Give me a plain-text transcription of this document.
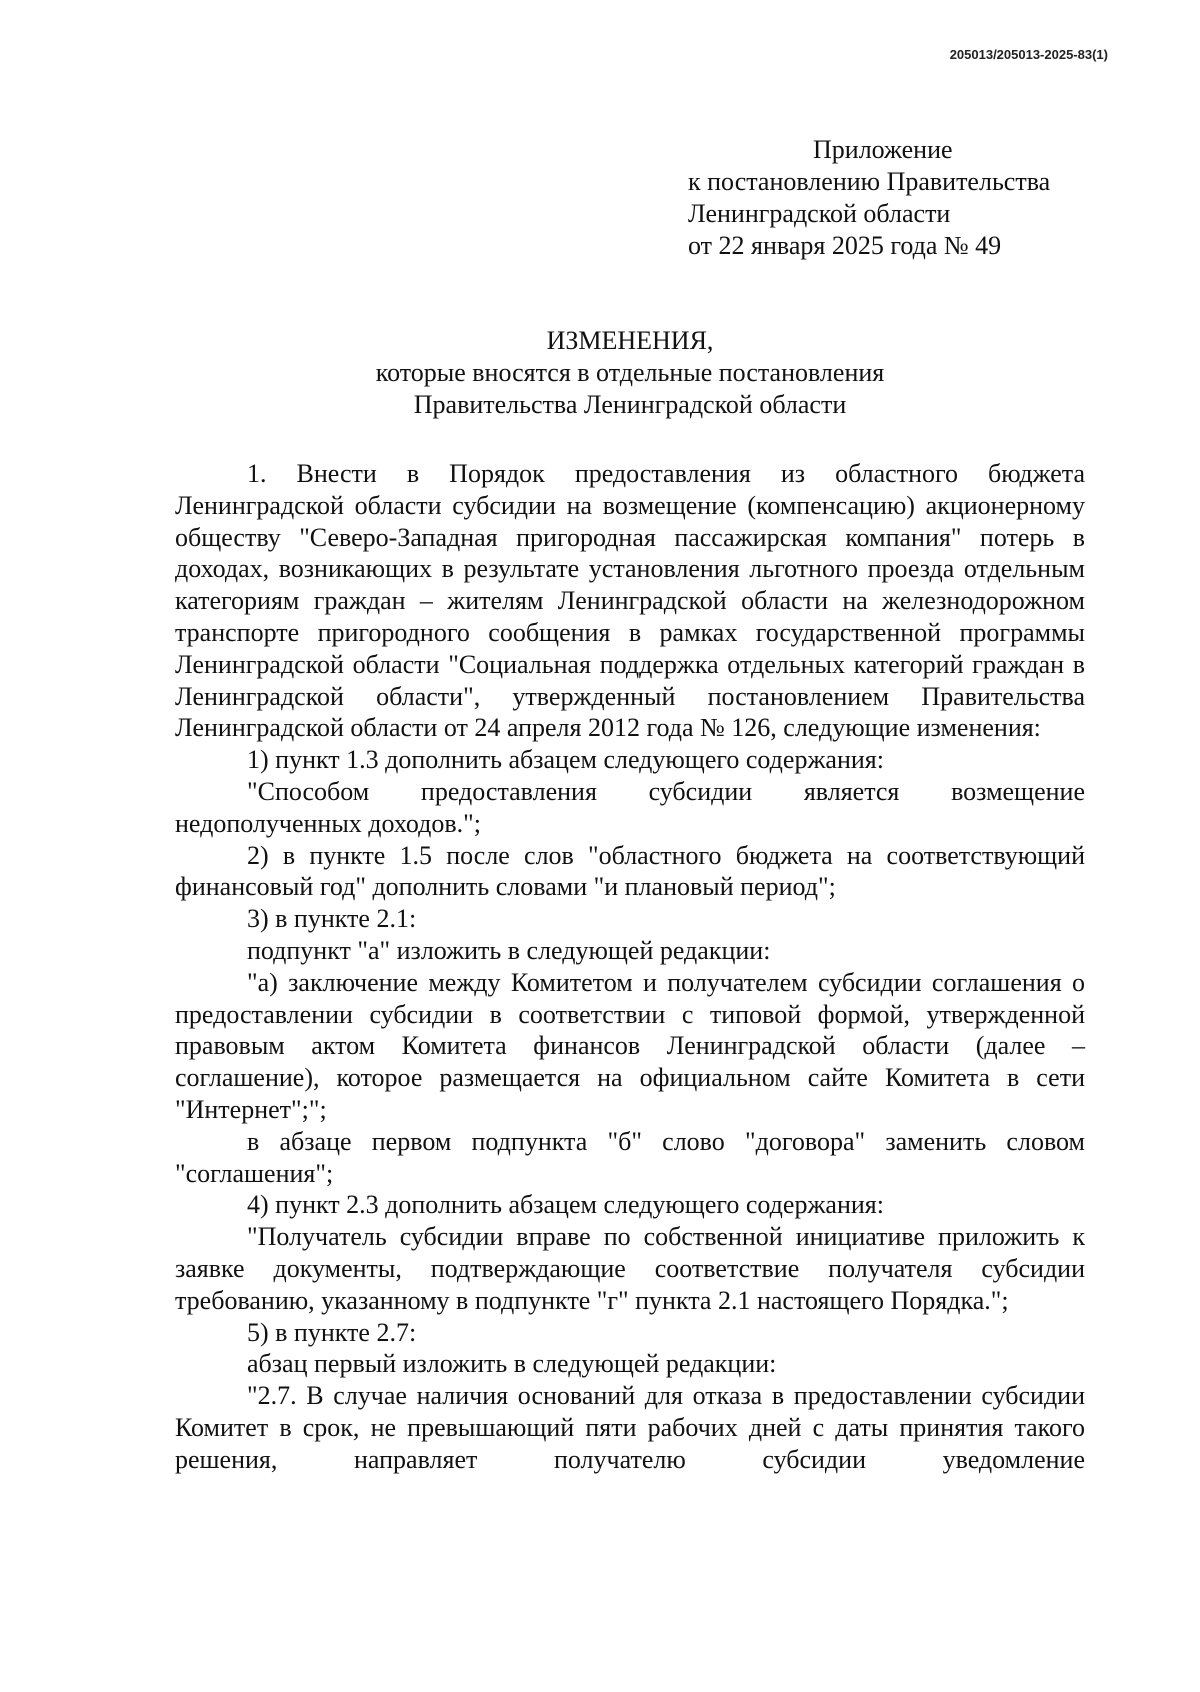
205013/205013-2025-83(1)
Приложение
к постановлению Правительства
Ленинградской области
от 22 января 2025 года № 49
ИЗМЕНЕНИЯ,
которые вносятся в отдельные постановления
Правительства Ленинградской области

1. Внести в Порядок предоставления из областного бюджета Ленинградской области субсидии на возмещение (компенсацию) акционерному обществу "Северо-Западная пригородная пассажирская компания" потерь в доходах, возникающих в результате установления льготного проезда отдельным категориям граждан – жителям Ленинградской области на железнодорожном транспорте пригородного сообщения в рамках государственной программы Ленинградской области "Социальная поддержка отдельных категорий граждан в Ленинградской области", утвержденный постановлением Правительства Ленинградской области от 24 апреля 2012 года № 126, следующие изменения:

1) пункт 1.3 дополнить абзацем следующего содержания:

"Способом предоставления субсидии является возмещение недополученных доходов.";

2) в пункте 1.5 после слов "областного бюджета на соответствующий финансовый год" дополнить словами "и плановый период";

3) в пункте 2.1:

подпункт "а" изложить в следующей редакции:

"а) заключение между Комитетом и получателем субсидии соглашения о предоставлении субсидии в соответствии с типовой формой, утвержденной правовым актом Комитета финансов Ленинградской области (далее – соглашение), которое размещается на официальном сайте Комитета в сети "Интернет";";

в абзаце первом подпункта "б" слово "договора" заменить словом "соглашения";

4) пункт 2.3 дополнить абзацем следующего содержания:

"Получатель субсидии вправе по собственной инициативе приложить к заявке документы, подтверждающие соответствие получателя субсидии требованию, указанному в подпункте "г" пункта 2.1 настоящего Порядка.";

5) в пункте 2.7:

абзац первый изложить в следующей редакции:

"2.7. В случае наличия оснований для отказа в предоставлении субсидии Комитет в срок, не превышающий пяти рабочих дней с даты принятия такого решения, направляет получателю субсидии уведомление
